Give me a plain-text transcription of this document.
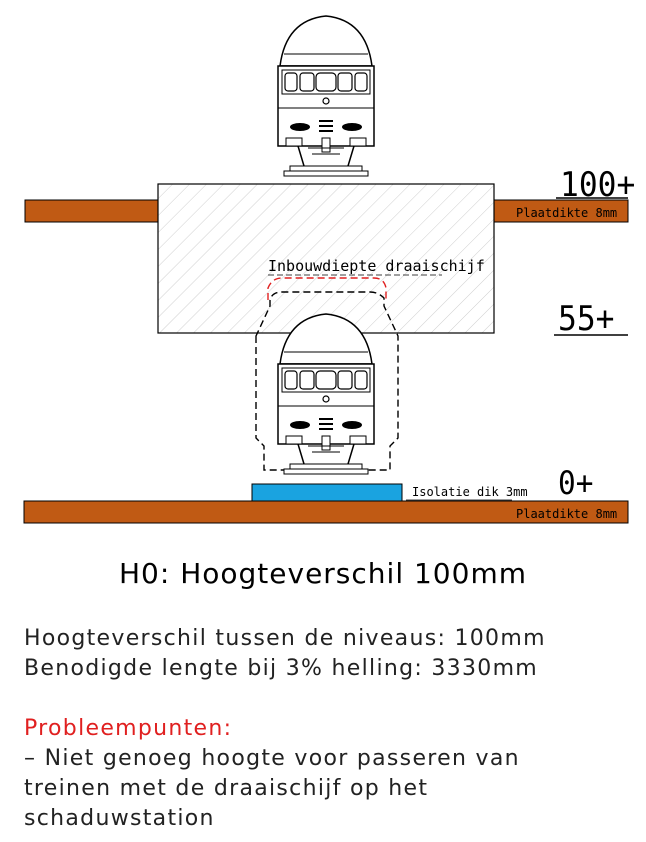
100+
55+
0+
Plaatdikte 8mm
Plaatdikte 8mm
Inbouwdiepte draaischijf
Isolatie dik 3mm
H0: Hoogteverschil 100mm
Hoogteverschil tussen de niveaus: 100mm
Benodigde lengte bij 3% helling: 3330mm
Probleempunten:
– Niet genoeg hoogte voor passeren van
treinen met de draaischijf op het
schaduwstation
